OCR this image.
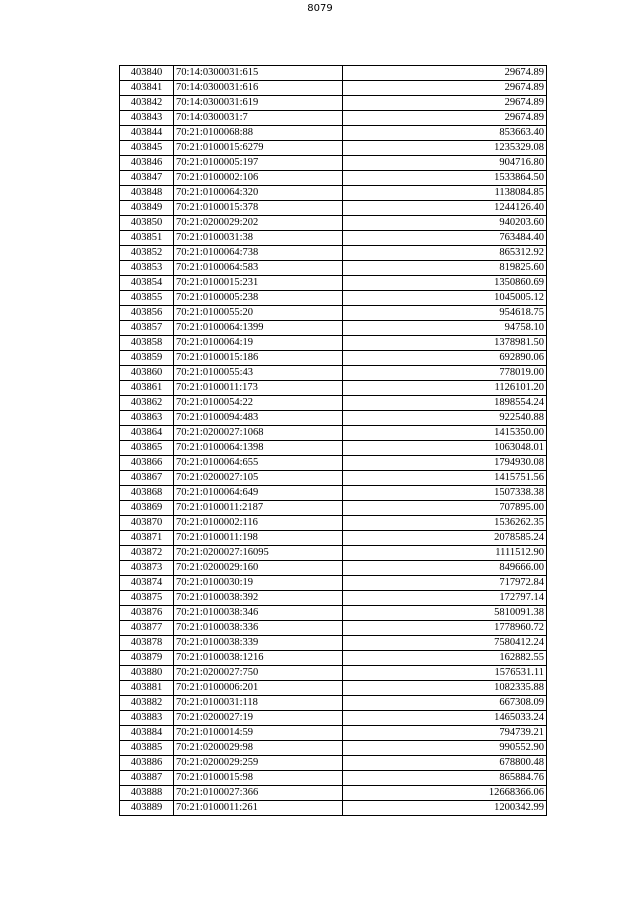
8079
403840	70:14:0300031:615	29674.89
403841	70:14:0300031:616	29674.89
403842	70:14:0300031:619	29674.89
403843	70:14:0300031:7	29674.89
403844	70:21:0100068:88	853663.40
403845	70:21:0100015:6279	1235329.08
403846	70:21:0100005:197	904716.80
403847	70:21:0100002:106	1533864.50
403848	70:21:0100064:320	1138084.85
403849	70:21:0100015:378	1244126.40
403850	70:21:0200029:202	940203.60
403851	70:21:0100031:38	763484.40
403852	70:21:0100064:738	865312.92
403853	70:21:0100064:583	819825.60
403854	70:21:0100015:231	1350860.69
403855	70:21:0100005:238	1045005.12
403856	70:21:0100055:20	954618.75
403857	70:21:0100064:1399	94758.10
403858	70:21:0100064:19	1378981.50
403859	70:21:0100015:186	692890.06
403860	70:21:0100055:43	778019.00
403861	70:21:0100011:173	1126101.20
403862	70:21:0100054:22	1898554.24
403863	70:21:0100094:483	922540.88
403864	70:21:0200027:1068	1415350.00
403865	70:21:0100064:1398	1063048.01
403866	70:21:0100064:655	1794930.08
403867	70:21:0200027:105	1415751.56
403868	70:21:0100064:649	1507338.38
403869	70:21:0100011:2187	707895.00
403870	70:21:0100002:116	1536262.35
403871	70:21:0100011:198	2078585.24
403872	70:21:0200027:16095	1111512.90
403873	70:21:0200029:160	849666.00
403874	70:21:0100030:19	717972.84
403875	70:21:0100038:392	172797.14
403876	70:21:0100038:346	5810091.38
403877	70:21:0100038:336	1778960.72
403878	70:21:0100038:339	7580412.24
403879	70:21:0100038:1216	162882.55
403880	70:21:0200027:750	1576531.11
403881	70:21:0100006:201	1082335.88
403882	70:21:0100031:118	667308.09
403883	70:21:0200027:19	1465033.24
403884	70:21:0100014:59	794739.21
403885	70:21:0200029:98	990552.90
403886	70:21:0200029:259	678800.48
403887	70:21:0100015:98	865884.76
403888	70:21:0100027:366	12668366.06
403889	70:21:0100011:261	1200342.99
